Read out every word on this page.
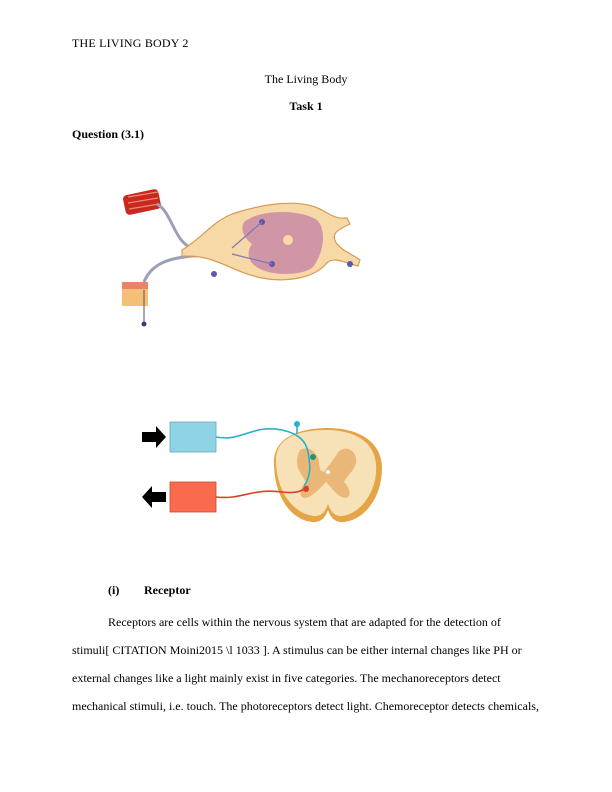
THE LIVING BODY 2
The Living Body
Task 1
Question (3.1)
(i) Receptor

Receptors are cells within the nervous system that are adapted for the detection of

stimuli[ CITATION Moini2015 \l 1033 ]. A stimulus can be either internal changes like PH or

external changes like a light mainly exist in five categories. The mechanoreceptors detect

mechanical stimuli, i.e. touch. The photoreceptors detect light. Chemoreceptor detects chemicals,
